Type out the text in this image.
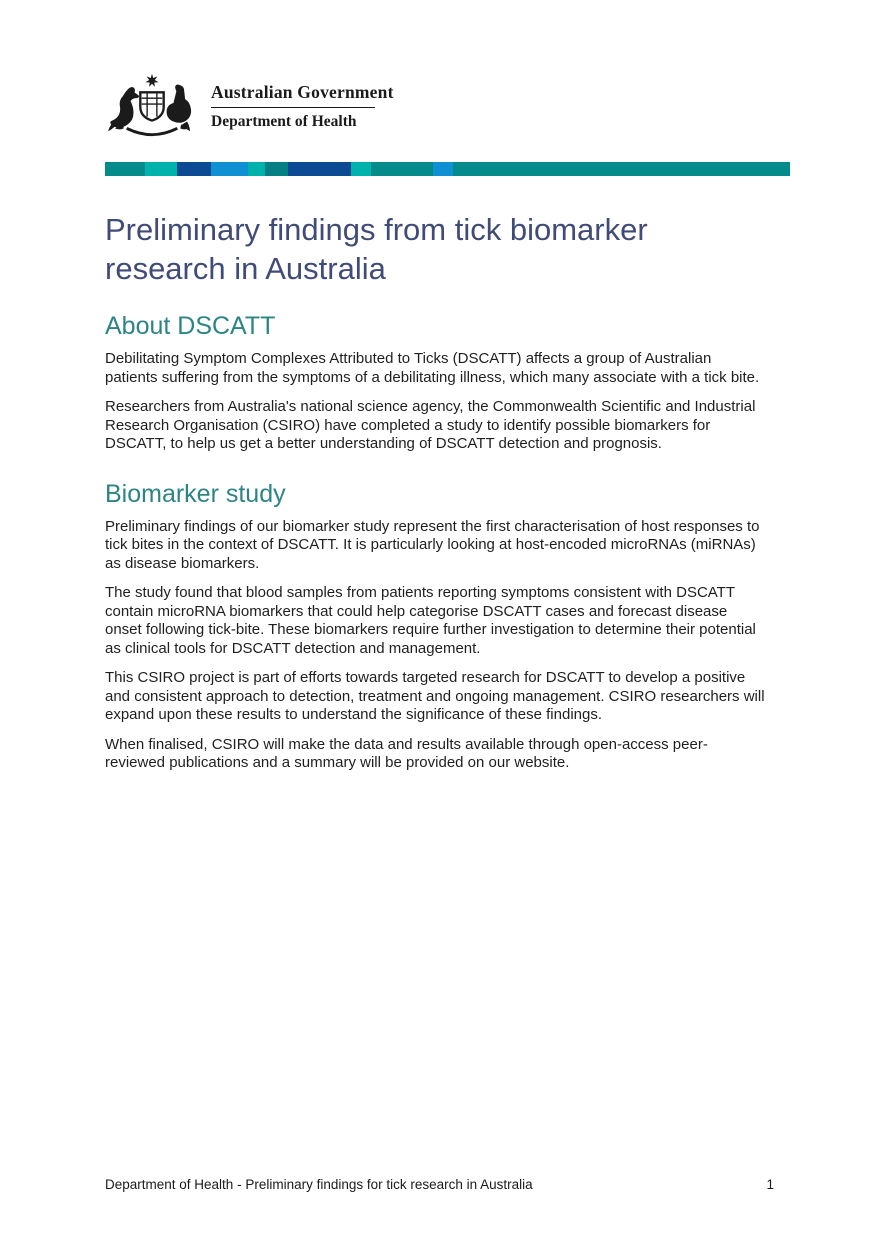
Australian Government
Department of Health
Preliminary findings from tick biomarker research in Australia
About DSCATT

Debilitating Symptom Complexes Attributed to Ticks (DSCATT) affects a group of Australian patients suffering from the symptoms of a debilitating illness, which many associate with a tick bite.

Researchers from Australia's national science agency, the Commonwealth Scientific and Industrial Research Organisation (CSIRO) have completed a study to identify possible biomarkers for DSCATT, to help us get a better understanding of DSCATT detection and prognosis.

Biomarker study

Preliminary findings of our biomarker study represent the first characterisation of host responses to tick bites in the context of DSCATT. It is particularly looking at host-encoded microRNAs (miRNAs) as disease biomarkers.

The study found that blood samples from patients reporting symptoms consistent with DSCATT contain microRNA biomarkers that could help categorise DSCATT cases and forecast disease onset following tick-bite. These biomarkers require further investigation to determine their potential as clinical tools for DSCATT detection and management.

This CSIRO project is part of efforts towards targeted research for DSCATT to develop a positive and consistent approach to detection, treatment and ongoing management. CSIRO researchers will expand upon these results to understand the significance of these findings.

When finalised, CSIRO will make the data and results available through open-access peer-reviewed publications and a summary will be provided on our website.

Department of Health - Preliminary findings for tick research in Australia	1
